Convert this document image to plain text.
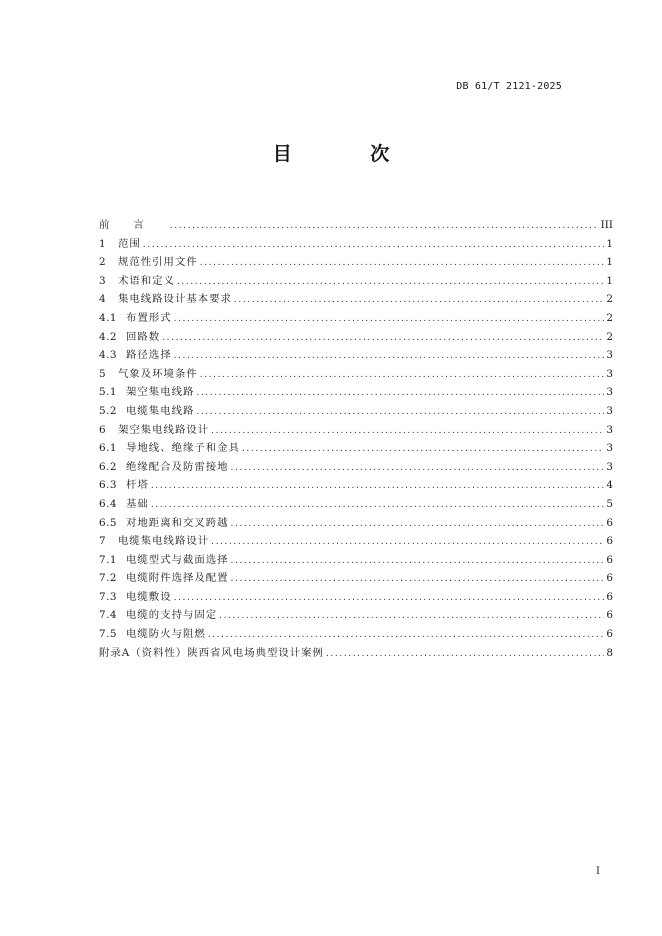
DB 61/T 2121-2025
目 次
前言 .....	III
1	范围 .....	1
2	规范性引用文件 .....	1
3	术语和定义 .....	1
4	集电线路设计基本要求 .....	2
4.1 布置形式 .....	2
4.2 回路数 .....	2
4.3 路径选择 .....	3
5	气象及环境条件 .....	3
5.1 架空集电线路 .....	3
5.2 电缆集电线路 .....	3
6	架空集电线路设计 .....	3
6.1 导地线、绝缘子和金具 .....	3
6.2 绝缘配合及防雷接地 .....	3
6.3 杆塔 .....	4
6.4 基础 .....	5
6.5 对地距离和交叉跨越 .....	6
7	电缆集电线路设计 .....	6
7.1 电缆型式与截面选择 .....	6
7.2 电缆附件选择及配置 .....	6
7.3 电缆敷设 .....	6
7.4 电缆的支持与固定 .....	6
7.5 电缆防火与阻燃 .....	6
附录A（资料性）陕西省风电场典型设计案例 .....	8
I
